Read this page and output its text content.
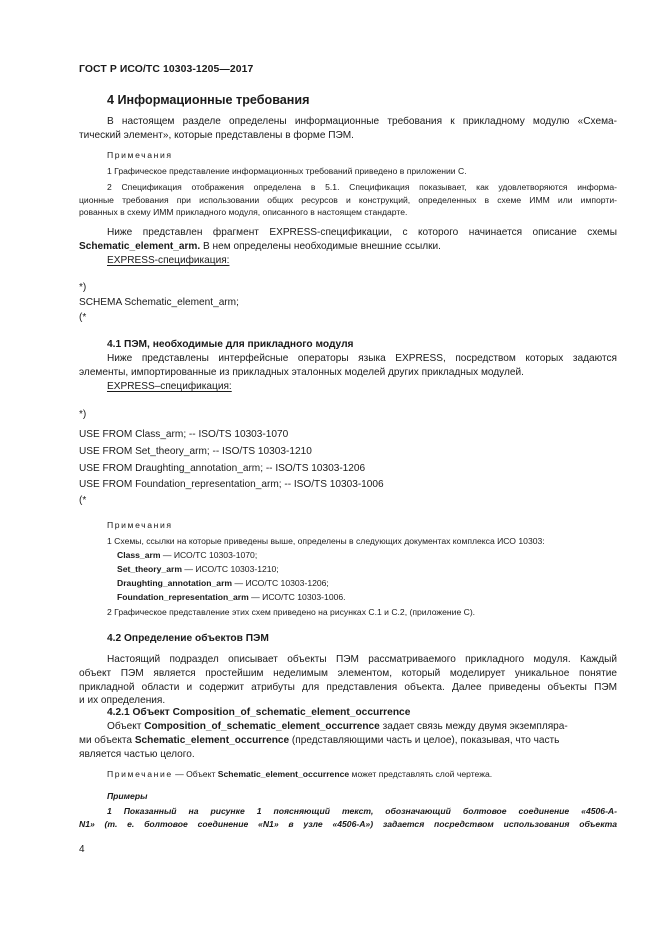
ГОСТ Р ИСО/ТС 10303-1205—2017
4 Информационные требования
В настоящем разделе определены информационные требования к прикладному модулю «Схема-
тический элемент», которые представлены в форме ПЭМ.
Примечания
1 Графическое представление информационных требований приведено в приложении С.
2 Спецификация отображения определена в 5.1. Спецификация показывает, как удовлетворяются информа-
ционные требования при использовании общих ресурсов и конструкций, определенных в схеме ИММ или импорти-
рованных в схему ИММ прикладного модуля, описанного в настоящем стандарте.
Ниже представлен фрагмент EXPRESS-спецификации, с которого начинается описание схемы
Schematic_element_arm. В нем определены необходимые внешние ссылки.
EXPRESS-спецификация:
*)
SCHEMA Schematic_element_arm;
(*
4.1 ПЭМ, необходимые для прикладного модуля
Ниже представлены интерфейсные операторы языка EXPRESS, посредством которых задаются
элементы, импортированные из прикладных эталонных моделей других прикладных модулей.
EXPRESS–спецификация:
*)
USE FROM Class_arm; -- ISO/TS 10303-1070
USE FROM Set_theory_arm; -- ISO/TS 10303-1210
USE FROM Draughting_annotation_arm; -- ISO/TS 10303-1206
USE FROM Foundation_representation_arm; -- ISO/TS 10303-1006
(*
Примечания
1 Схемы, ссылки на которые приведены выше, определены в следующих документах комплекса ИСО 10303:
Class_arm — ИСО/ТС 10303-1070;
Set_theory_arm — ИСО/ТС 10303-1210;
Draughting_annotation_arm — ИСО/ТС 10303-1206;
Foundation_representation_arm — ИСО/ТС 10303-1006.
2 Графическое представление этих схем приведено на рисунках С.1 и С.2, (приложение С).
4.2 Определение объектов ПЭМ
Настоящий подраздел описывает объекты ПЭМ рассматриваемого прикладного модуля. Каждый
объект ПЭМ является простейшим неделимым элементом, который моделирует уникальное понятие
прикладной области и содержит атрибуты для представления объекта. Далее приведены объекты ПЭМ
и их определения.
4.2.1 Объект Composition_of_schematic_element_occurrence
Объект Composition_of_schematic_element_occurrence задает связь между двумя экземпляра-
ми объекта Schematic_element_occurrence (представляющими часть и целое), показывая, что часть
является частью целого.
Примечание — Объект Schematic_element_occurrence может представлять слой чертежа.
Примеры
1 Показанный на рисунке 1 поясняющий текст, обозначающий болтовое соединение «4506-А-
N1» (т. е. болтовое соединение «N1» в узле «4506-А») задается посредством использования объекта
4
